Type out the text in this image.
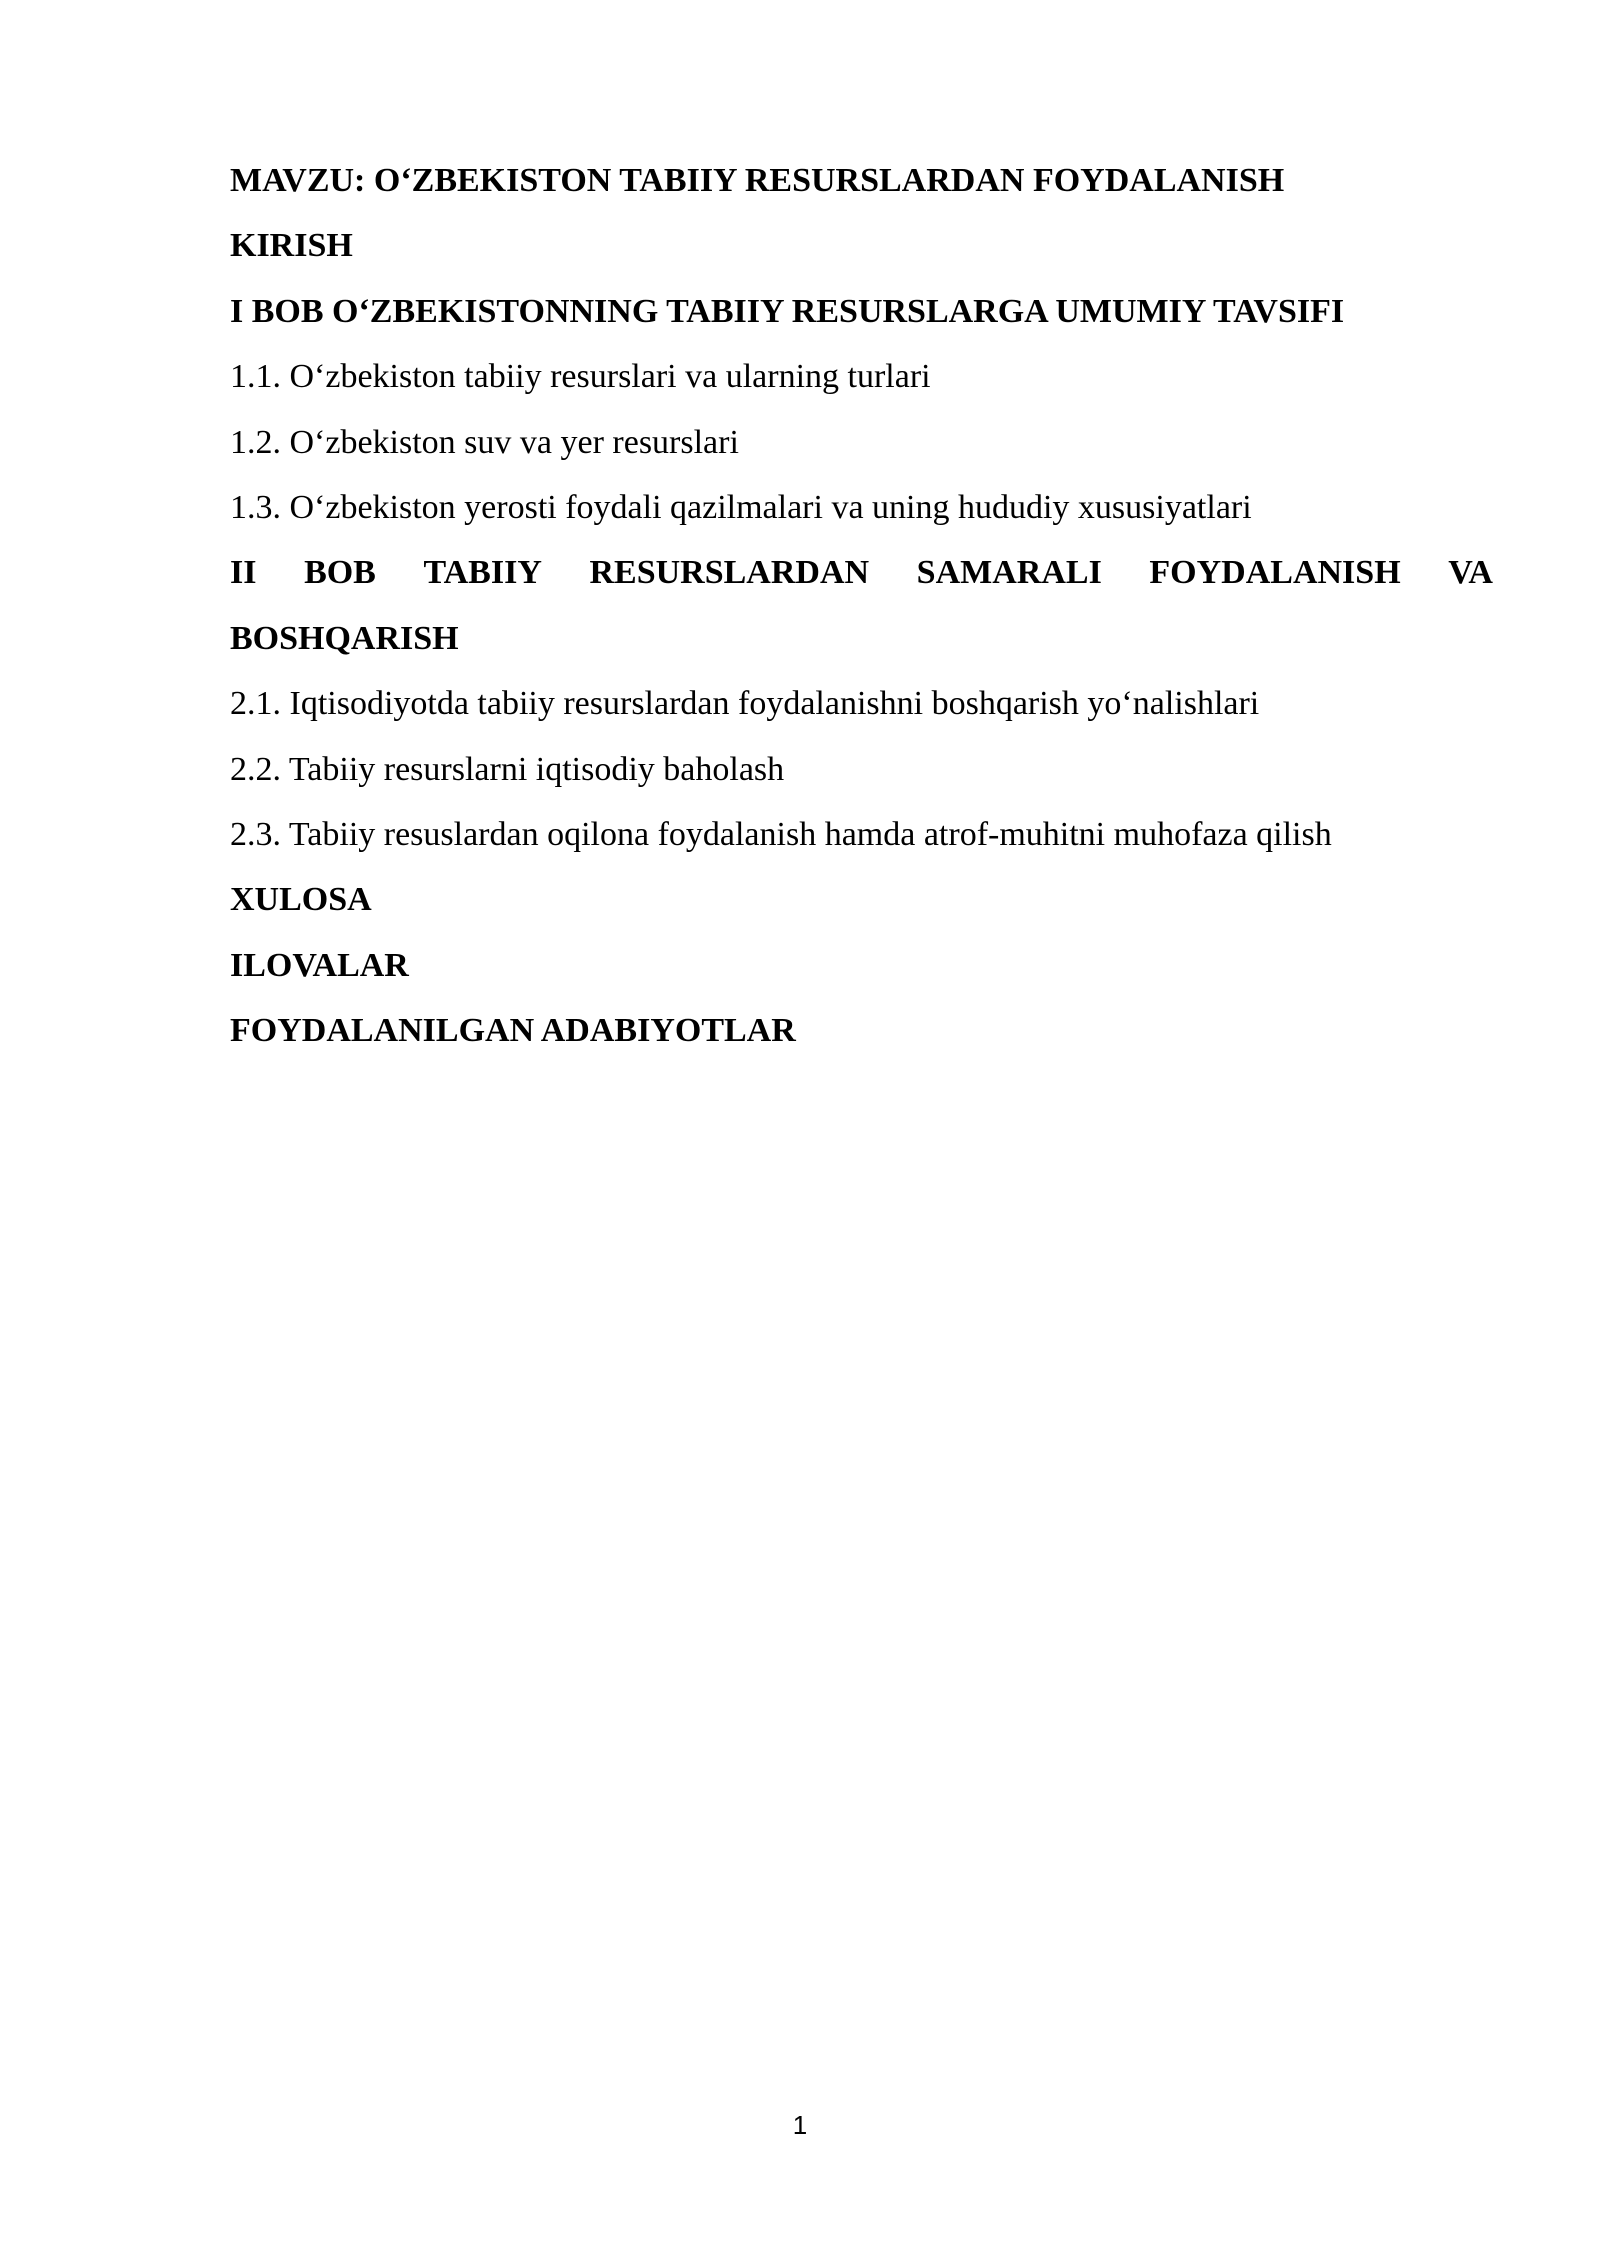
MAVZU: O‘ZBEKISTON TABIIY RESURSLARDAN FOYDALANISH
KIRISH
I BOB O‘ZBEKISTONNING TABIIY RESURSLARGA UMUMIY TAVSIFI
1.1. O‘zbekiston tabiiy resurslari va ularning turlari
1.2. O‘zbekiston suv va yer resurslari
1.3. O‘zbekiston yerosti foydali qazilmalari va uning hududiy xususiyatlari
II BOB TABIIY RESURSLARDAN SAMARALI FOYDALANISH VA
BOSHQARISH
2.1. Iqtisodiyotda tabiiy resurslardan foydalanishni boshqarish yo‘nalishlari
2.2. Tabiiy resurslarni iqtisodiy baholash
2.3. Tabiiy resuslardan oqilona foydalanish hamda atrof-muhitni muhofaza qilish
XULOSA
ILOVALAR
FOYDALANILGAN ADABIYOTLAR
1
